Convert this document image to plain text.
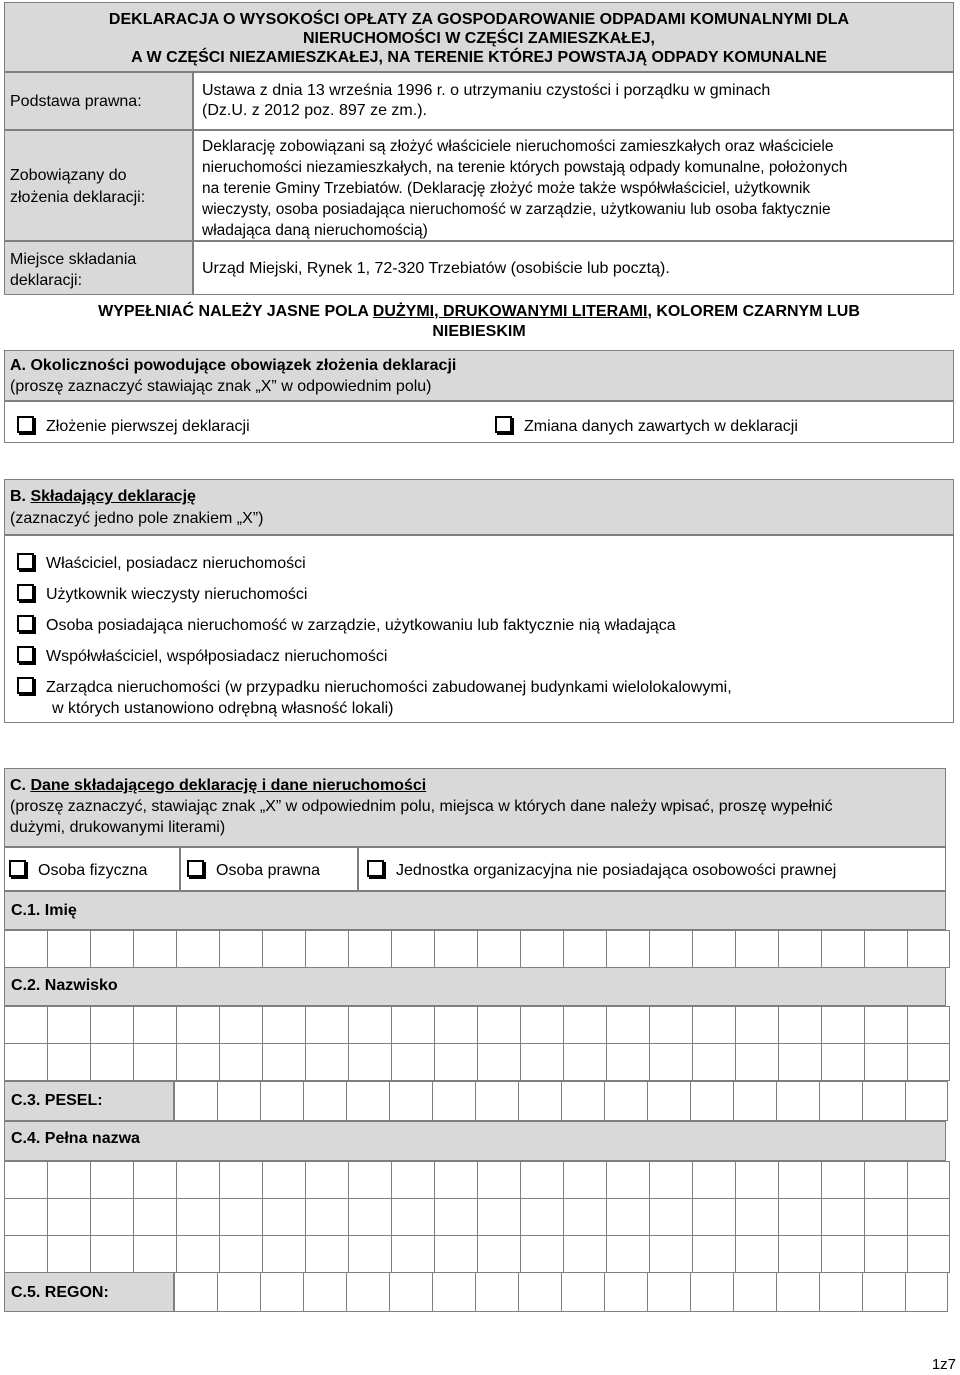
DEKLARACJA O WYSOKOŚCI OPŁATY ZA GOSPODAROWANIE ODPADAMI KOMUNALNYMI DLA
NIERUCHOMOŚCI W CZĘŚCI ZAMIESZKAŁEJ,
A W CZĘŚCI NIEZAMIESZKAŁEJ, NA TERENIE KTÓREJ POWSTAJĄ ODPADY KOMUNALNE
Podstawa prawna:
Ustawa z dnia 13 września 1996 r. o utrzymaniu czystości i porządku w gminach
(Dz.U. z 2012 poz. 897 ze zm.).
Zobowiązany do
złożenia deklaracji:
Deklarację zobowiązani są złożyć właściciele nieruchomości zamieszkałych oraz właściciele
nieruchomości niezamieszkałych, na terenie których powstają odpady komunalne, położonych
na terenie Gminy Trzebiatów. (Deklarację złożyć może także współwłaściciel, użytkownik
wieczysty, osoba posiadająca nieruchomość w zarządzie, użytkowaniu lub osoba faktycznie
władająca daną nieruchomością)
Miejsce składania
deklaracji:
Urząd Miejski, Rynek 1, 72-320 Trzebiatów (osobiście lub pocztą).
WYPEŁNIAĆ NALEŻY JASNE POLA DUŻYMI, DRUKOWANYMI LITERAMI, KOLOREM CZARNYM LUB
NIEBIESKIM
A. Okoliczności powodujące obowiązek złożenia deklaracji
(proszę zaznaczyć stawiając znak „X” w odpowiednim polu)
Złożenie pierwszej deklaracji	Zmiana danych zawartych w deklaracji
B. Składający deklarację
(zaznaczyć jedno pole znakiem „X”)
Właściciel, posiadacz nieruchomości
Użytkownik wieczysty nieruchomości
Osoba posiadająca nieruchomość w zarządzie, użytkowaniu lub faktycznie nią władająca
Współwłaściciel, współposiadacz nieruchomości
Zarządca nieruchomości (w przypadku nieruchomości zabudowanej budynkami wielolokalowymi,
w których ustanowiono odrębną własność lokali)
C. Dane składającego deklarację i dane nieruchomości
(proszę zaznaczyć, stawiając znak „X” w odpowiednim polu, miejsca w których dane należy wpisać, proszę wypełnić
dużymi, drukowanymi literami)
Osoba fizyczna	Osoba prawna	Jednostka organizacyjna nie posiadająca osobowości prawnej
C.1. Imię
C.2. Nazwisko
C.3. PESEL:
C.4. Pełna nazwa
C.5. REGON:
1z7
